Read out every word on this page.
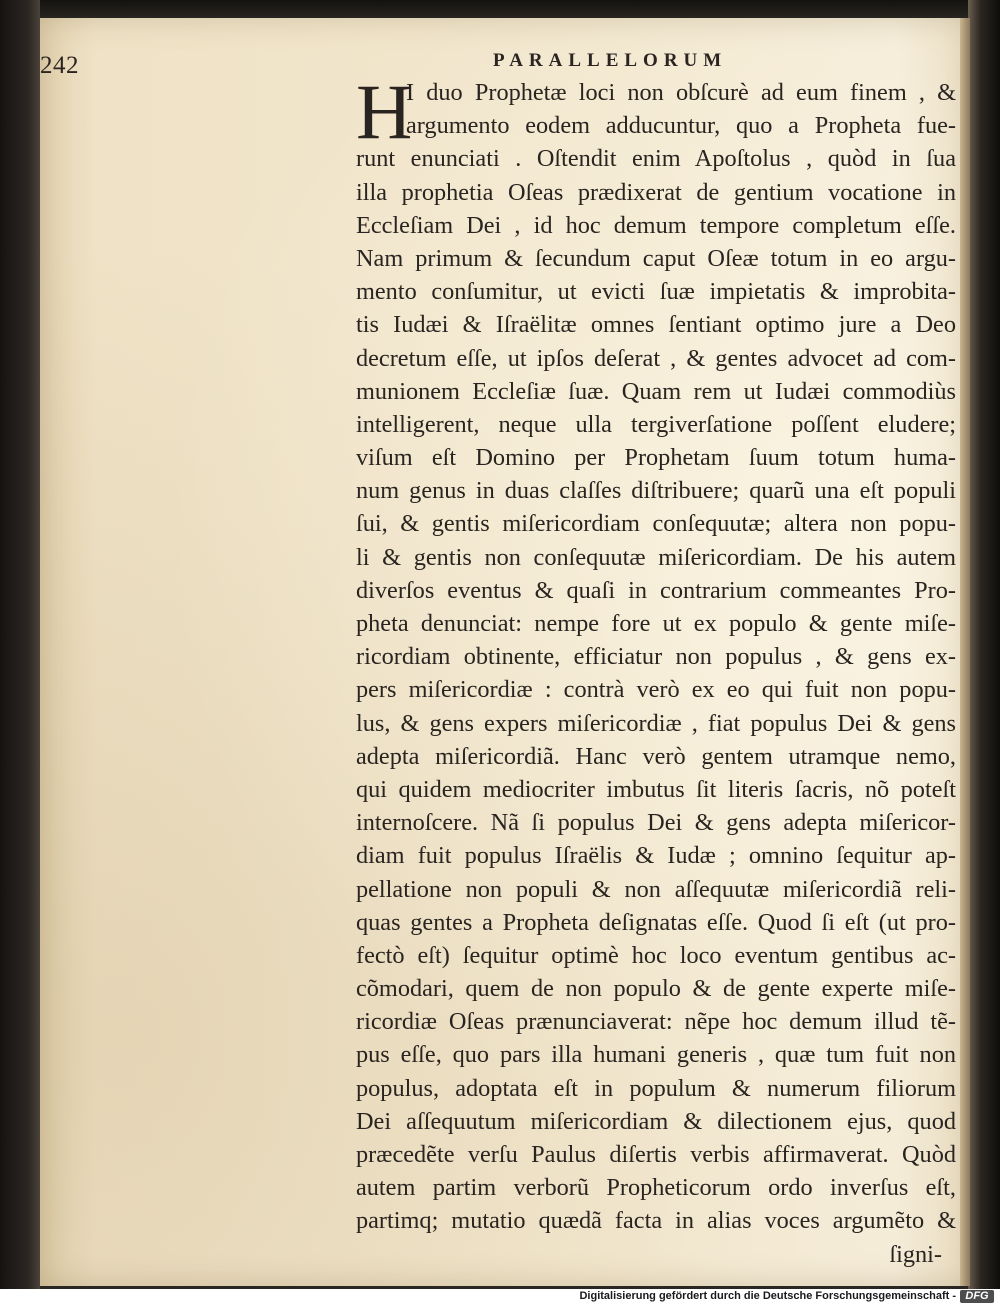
242	PARALLELORUM
H
I duo Prophetæ loci non obſcurè ad eum finem , &
argumento eodem adducuntur, quo a Propheta fue-
runt enunciati . Oſtendit enim Apoſtolus , quòd in ſua
illa prophetia Oſeas prædixerat de gentium vocatione in
Eccleſiam Dei , id hoc demum tempore completum eſſe.
Nam primum & ſecundum caput Oſeæ totum in eo argu-
mento conſumitur, ut evicti ſuæ impietatis & improbita-
tis Iudæi & Iſraëlitæ omnes ſentiant optimo jure a Deo
decretum eſſe, ut ipſos deſerat , & gentes advocet ad com-
munionem Eccleſiæ ſuæ. Quam rem ut Iudæi commodiùs
intelligerent, neque ulla tergiverſatione poſſent eludere;
viſum eſt Domino per Prophetam ſuum totum huma-
num genus in duas claſſes diſtribuere; quarũ una eſt populi
ſui, & gentis miſericordiam conſequutæ; altera non popu-
li & gentis non conſequutæ miſericordiam. De his autem
diverſos eventus & quaſi in contrarium commeantes Pro-
pheta denunciat: nempe fore ut ex populo & gente miſe-
ricordiam obtinente, efficiatur non populus , & gens ex-
pers miſericordiæ : contrà verò ex eo qui fuit non popu-
lus, & gens expers miſericordiæ , fiat populus Dei & gens
adepta miſericordiã. Hanc verò gentem utramque nemo,
qui quidem mediocriter imbutus ſit literis ſacris, nõ poteſt
internoſcere. Nã ſi populus Dei & gens adepta miſericor-
diam fuit populus Iſraëlis & Iudæ ; omnino ſequitur ap-
pellatione non populi & non aſſequutæ miſericordiã reli-
quas gentes a Propheta deſignatas eſſe. Quod ſi eſt (ut pro-
fectò eſt) ſequitur optimè hoc loco eventum gentibus ac-
cõmodari, quem de non populo & de gente experte miſe-
ricordiæ Oſeas prænunciaverat: nẽpe hoc demum illud tẽ-
pus eſſe, quo pars illa humani generis , quæ tum fuit non
populus, adoptata eſt in populum & numerum filiorum
Dei aſſequutum miſericordiam & dilectionem ejus, quod
præcedẽte verſu Paulus diſertis verbis affirmaverat. Quòd
autem partim verborũ Propheticorum ordo inverſus eſt,
partimq; mutatio quædã facta in alias voces argumẽto &
ſigni-
Digitalisierung gefördert durch die Deutsche Forschungsgemeinschaft - DFG
